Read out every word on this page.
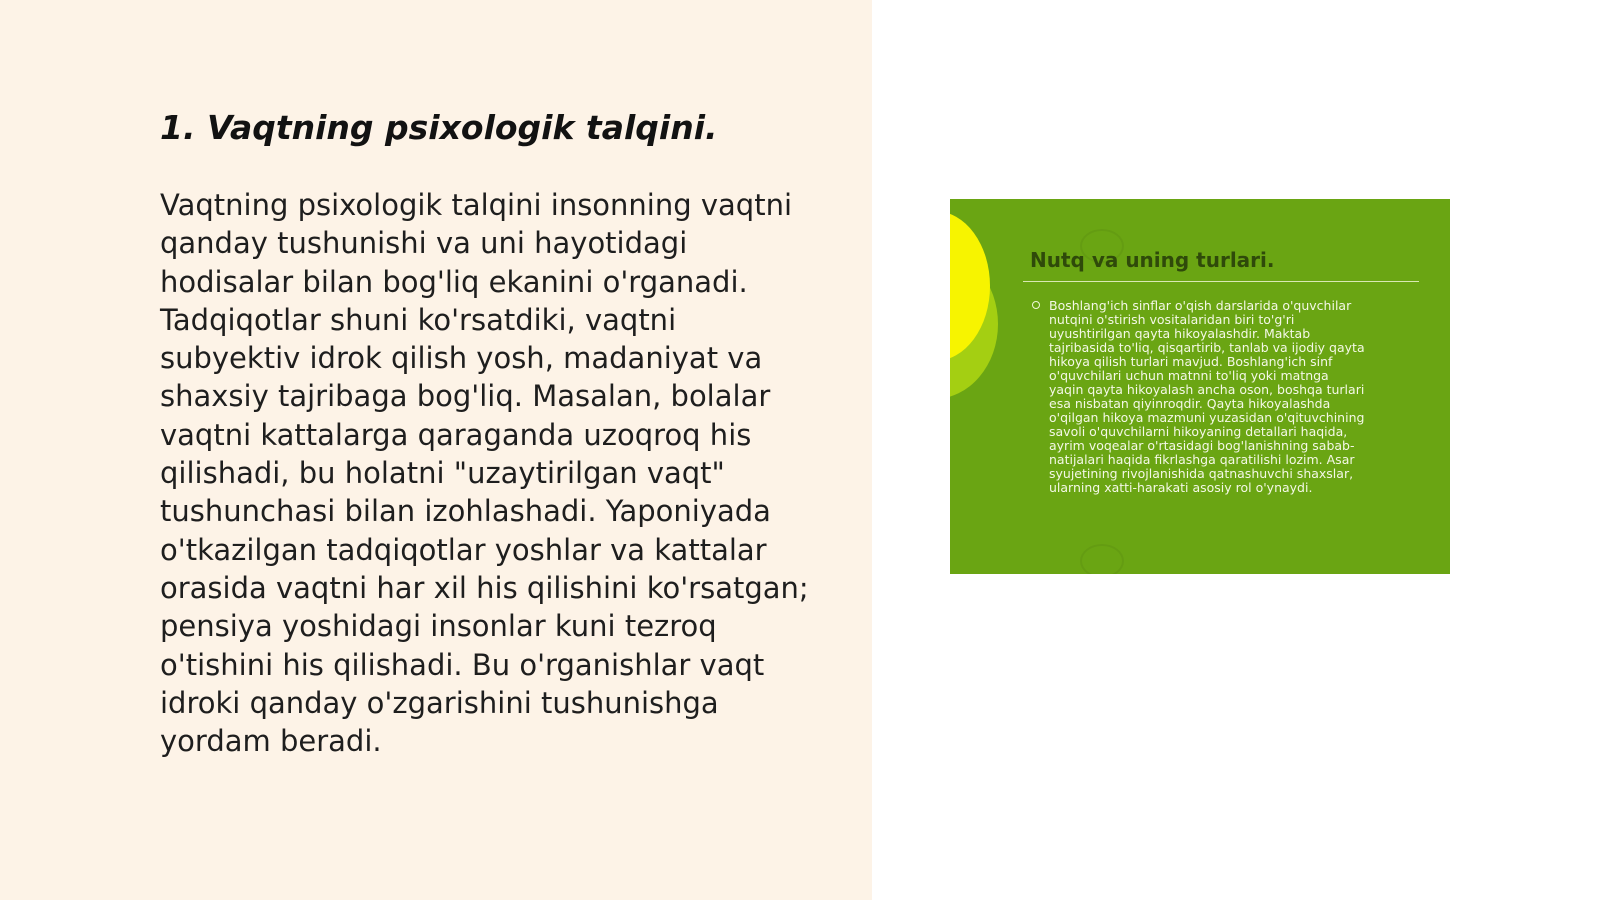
1. Vaqtning psixologik talqini.

Vaqtning psixologik talqini insonning vaqtni
qanday tushunishi va uni hayotidagi
hodisalar bilan bog'liq ekanini o'rganadi.
Tadqiqotlar shuni ko'rsatdiki, vaqtni
subyektiv idrok qilish yosh, madaniyat va
shaxsiy tajribaga bog'liq. Masalan, bolalar
vaqtni kattalarga qaraganda uzoqroq his
qilishadi, bu holatni "uzaytirilgan vaqt"
tushunchasi bilan izohlashadi. Yaponiyada
o'tkazilgan tadqiqotlar yoshlar va kattalar
orasida vaqtni har xil his qilishini ko'rsatgan;
pensiya yoshidagi insonlar kuni tezroq
o'tishini his qilishadi. Bu o'rganishlar vaqt
idroki qanday o'zgarishini tushunishga
yordam beradi.

Nutq va uning turlari.

Boshlang'ich sinflar o'qish darslarida o'quvchilar
nutqini o'stirish vositalaridan biri to'g'ri
uyushtirilgan qayta hikoyalashdir. Maktab
tajribasida to'liq, qisqartirib, tanlab va ijodiy qayta
hikoya qilish turlari mavjud. Boshlang'ich sinf
o'quvchilari uchun matnni to'liq yoki matnga
yaqin qayta hikoyalash ancha oson, boshqa turlari
esa nisbatan qiyinroqdir. Qayta hikoyalashda
o'qilgan hikoya mazmuni yuzasidan o'qituvchining
savoli o'quvchilarni hikoyaning detallari haqida,
ayrim voqealar o'rtasidagi bog'lanishning sabab-
natijalari haqida fikrlashga qaratilishi lozim. Asar
syujetining rivojlanishida qatnashuvchi shaxslar,
ularning xatti-harakati asosiy rol o'ynaydi.
